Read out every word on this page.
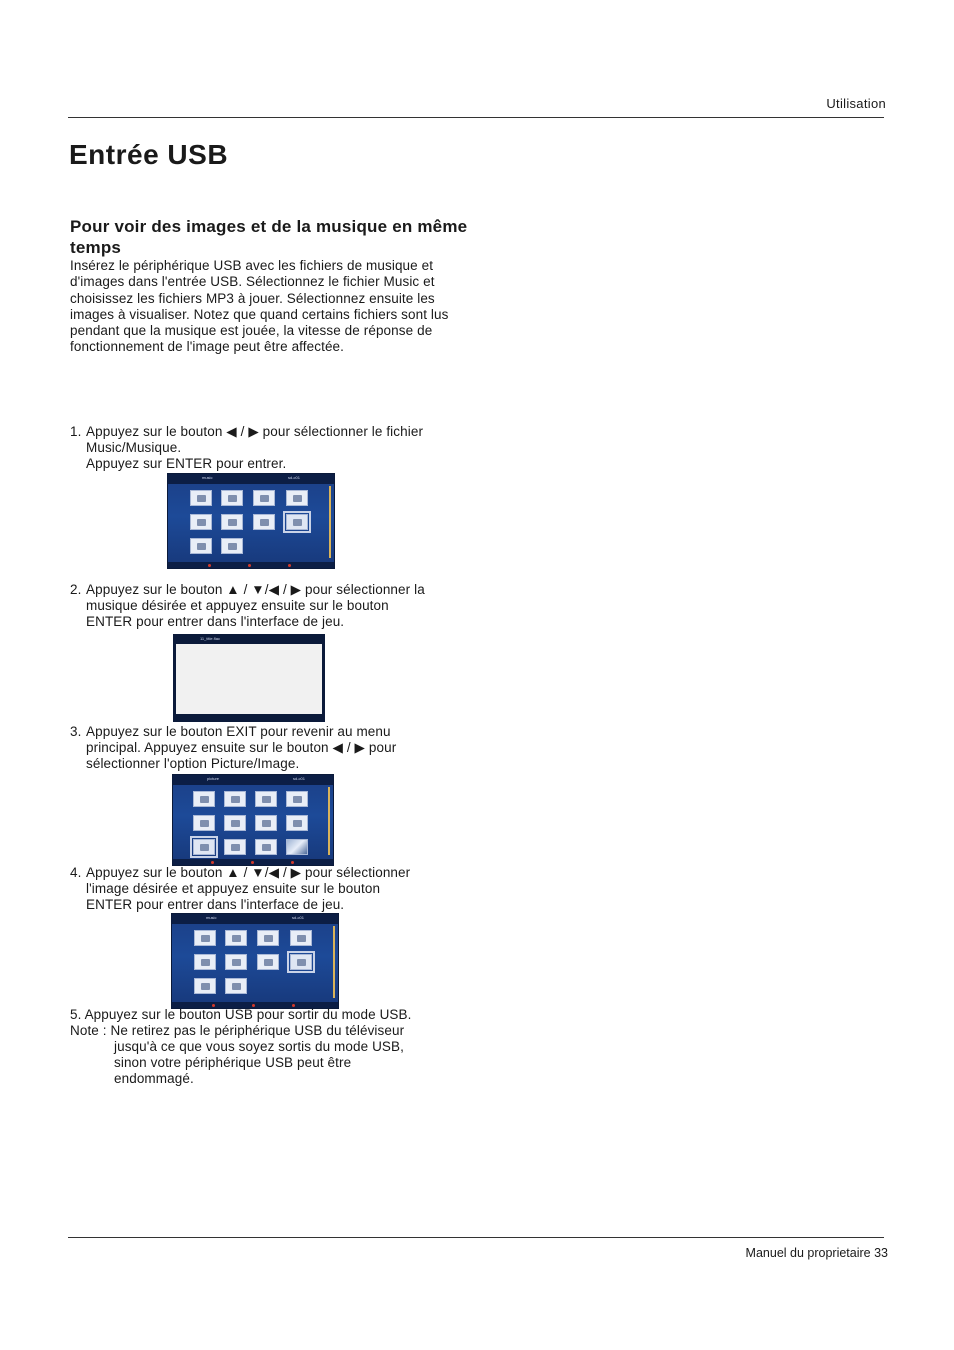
Utilisation
Entrée USB
Pour voir des images et de la musique en même temps
Insérez le périphérique USB avec les fichiers de musique et d'images dans l'entrée USB. Sélectionnez le fichier Music et choisissez les fichiers MP3 à jouer. Sélectionnez ensuite les images à visualiser. Notez que quand certains fichiers sont lus pendant que la musique est jouée, la vitesse de réponse de fonctionnement de l'image peut être affectée.
1. Appuyez sur le bouton ◀ / ▶ pour sélectionner le fichier
Music/Musique.
Appuyez sur ENTER pour entrer.
music	sd-c01
2. Appuyez sur le bouton ▲ / ▼/◀ / ▶ pour sélectionner la
musique désirée et appuyez ensuite sur le bouton
ENTER pour entrer dans l'interface de jeu.
11_title.flac
3. Appuyez sur le bouton EXIT pour revenir au menu
principal. Appuyez ensuite sur le bouton ◀ / ▶ pour
sélectionner l'option Picture/Image.
picture	sd-c01
4. Appuyez sur le bouton ▲ / ▼/◀ / ▶ pour sélectionner
l'image désirée et appuyez ensuite sur le bouton
ENTER pour entrer dans l'interface de jeu.
music	sd-c01
5. Appuyez sur le bouton USB pour sortir du mode USB.
Note : Ne retirez pas le périphérique USB du téléviseur
jusqu'à ce que vous soyez sortis du mode USB,
sinon votre périphérique USB peut être
endommagé.
Manuel du proprietaire 33
